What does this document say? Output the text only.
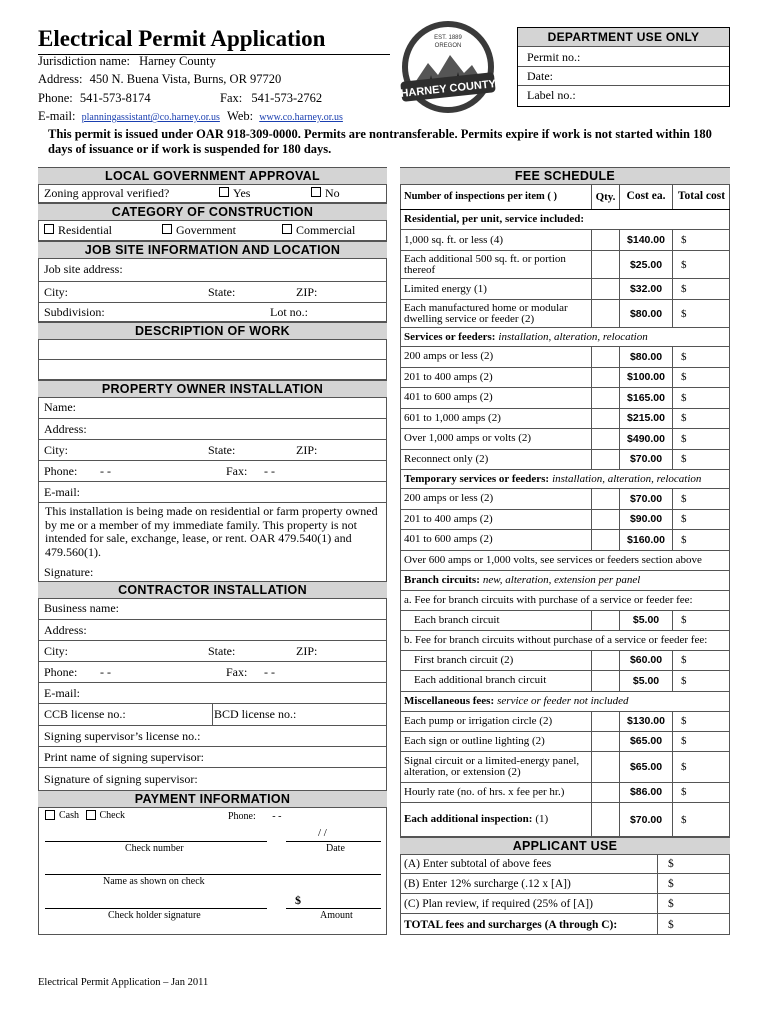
Electrical Permit Application
Jurisdiction name: Harney County
Address: 450 N. Buena Vista, Burns, OR 97720
Phone: 541-573-8174	Fax: 541-573-2762
E-mail: planningassistant@co.harney.or.us Web: www.co.harney.or.us
HARNEY COUNTY
EST. 1889
OREGON
DEPARTMENT USE ONLY
Permit no.:
Date:
Label no.:
This permit is issued under OAR 918-309-0000. Permits are nontransferable. Permits expire if work is not started within 180 days of issuance or if work is suspended for 180 days.
LOCAL GOVERNMENT APPROVAL
Zoning approval verified?	Yes	No
CATEGORY OF CONSTRUCTION
Residential	Government	Commercial
JOB SITE INFORMATION AND LOCATION
Job site address:
City:	State:	ZIP:
Subdivision:	Lot no.:
DESCRIPTION OF WORK
PROPERTY OWNER INSTALLATION
Name:
Address:
City:	State:	ZIP:
Phone:	- -	Fax:	- -
E-mail:
This installation is being made on residential or farm property owned by me or a member of my immediate family. This property is not intended for sale, exchange, lease, or rent. OAR 479.540(1) and 479.560(1).
Signature:
CONTRACTOR INSTALLATION
Business name:
Address:
City:	State:	ZIP:
Phone:	- -	Fax:	- -
E-mail:
CCB license no.:	BCD license no.:
Signing supervisor’s license no.:
Print name of signing supervisor:
Signature of signing supervisor:
PAYMENT INFORMATION
Cash Check	Phone: - -
/ /
Check number	Date
Name as shown on check
$
Check holder signature	Amount
FEE SCHEDULE
Number of inspections per item ( )	Qty. Cost ea.	Total cost
Residential, per unit, service included:
1,000 sq. ft. or less (4)	$140.00	$
Each additional 500 sq. ft. or portion thereof	$25.00	$
Limited energy (1)	$32.00	$
Each manufactured home or modular dwelling service or feeder (2)	$80.00	$
Services or feeders: installation, alteration, relocation
200 amps or less (2)	$80.00	$
201 to 400 amps (2)	$100.00	$
401 to 600 amps (2)	$165.00	$
601 to 1,000 amps (2)	$215.00	$
Over 1,000 amps or volts (2)	$490.00	$
Reconnect only (2)	$70.00	$
Temporary services or feeders: installation, alteration, relocation
200 amps or less (2)	$70.00	$
201 to 400 amps (2)	$90.00	$
401 to 600 amps (2)	$160.00	$
Over 600 amps or 1,000 volts, see services or feeders section above
Branch circuits: new, alteration, extension per panel
a. Fee for branch circuits with purchase of a service or feeder fee:
Each branch circuit	$5.00	$
b. Fee for branch circuits without purchase of a service or feeder fee:
First branch circuit (2)	$60.00	$
Each additional branch circuit	$5.00	$
Miscellaneous fees: service or feeder not included
Each pump or irrigation circle (2)	$130.00	$
Each sign or outline lighting (2)	$65.00	$
Signal circuit or a limited-energy panel, alteration, or extension (2)	$65.00	$
Hourly rate (no. of hrs. x fee per hr.)	$86.00	$
Each additional inspection: (1)	$70.00	$
APPLICANT USE
(A) Enter subtotal of above fees	$
(B) Enter 12% surcharge (.12 x [A])	$
(C) Plan review, if required (25% of [A])	$
TOTAL fees and surcharges (A through C):	$
Electrical Permit Application – Jan 2011
